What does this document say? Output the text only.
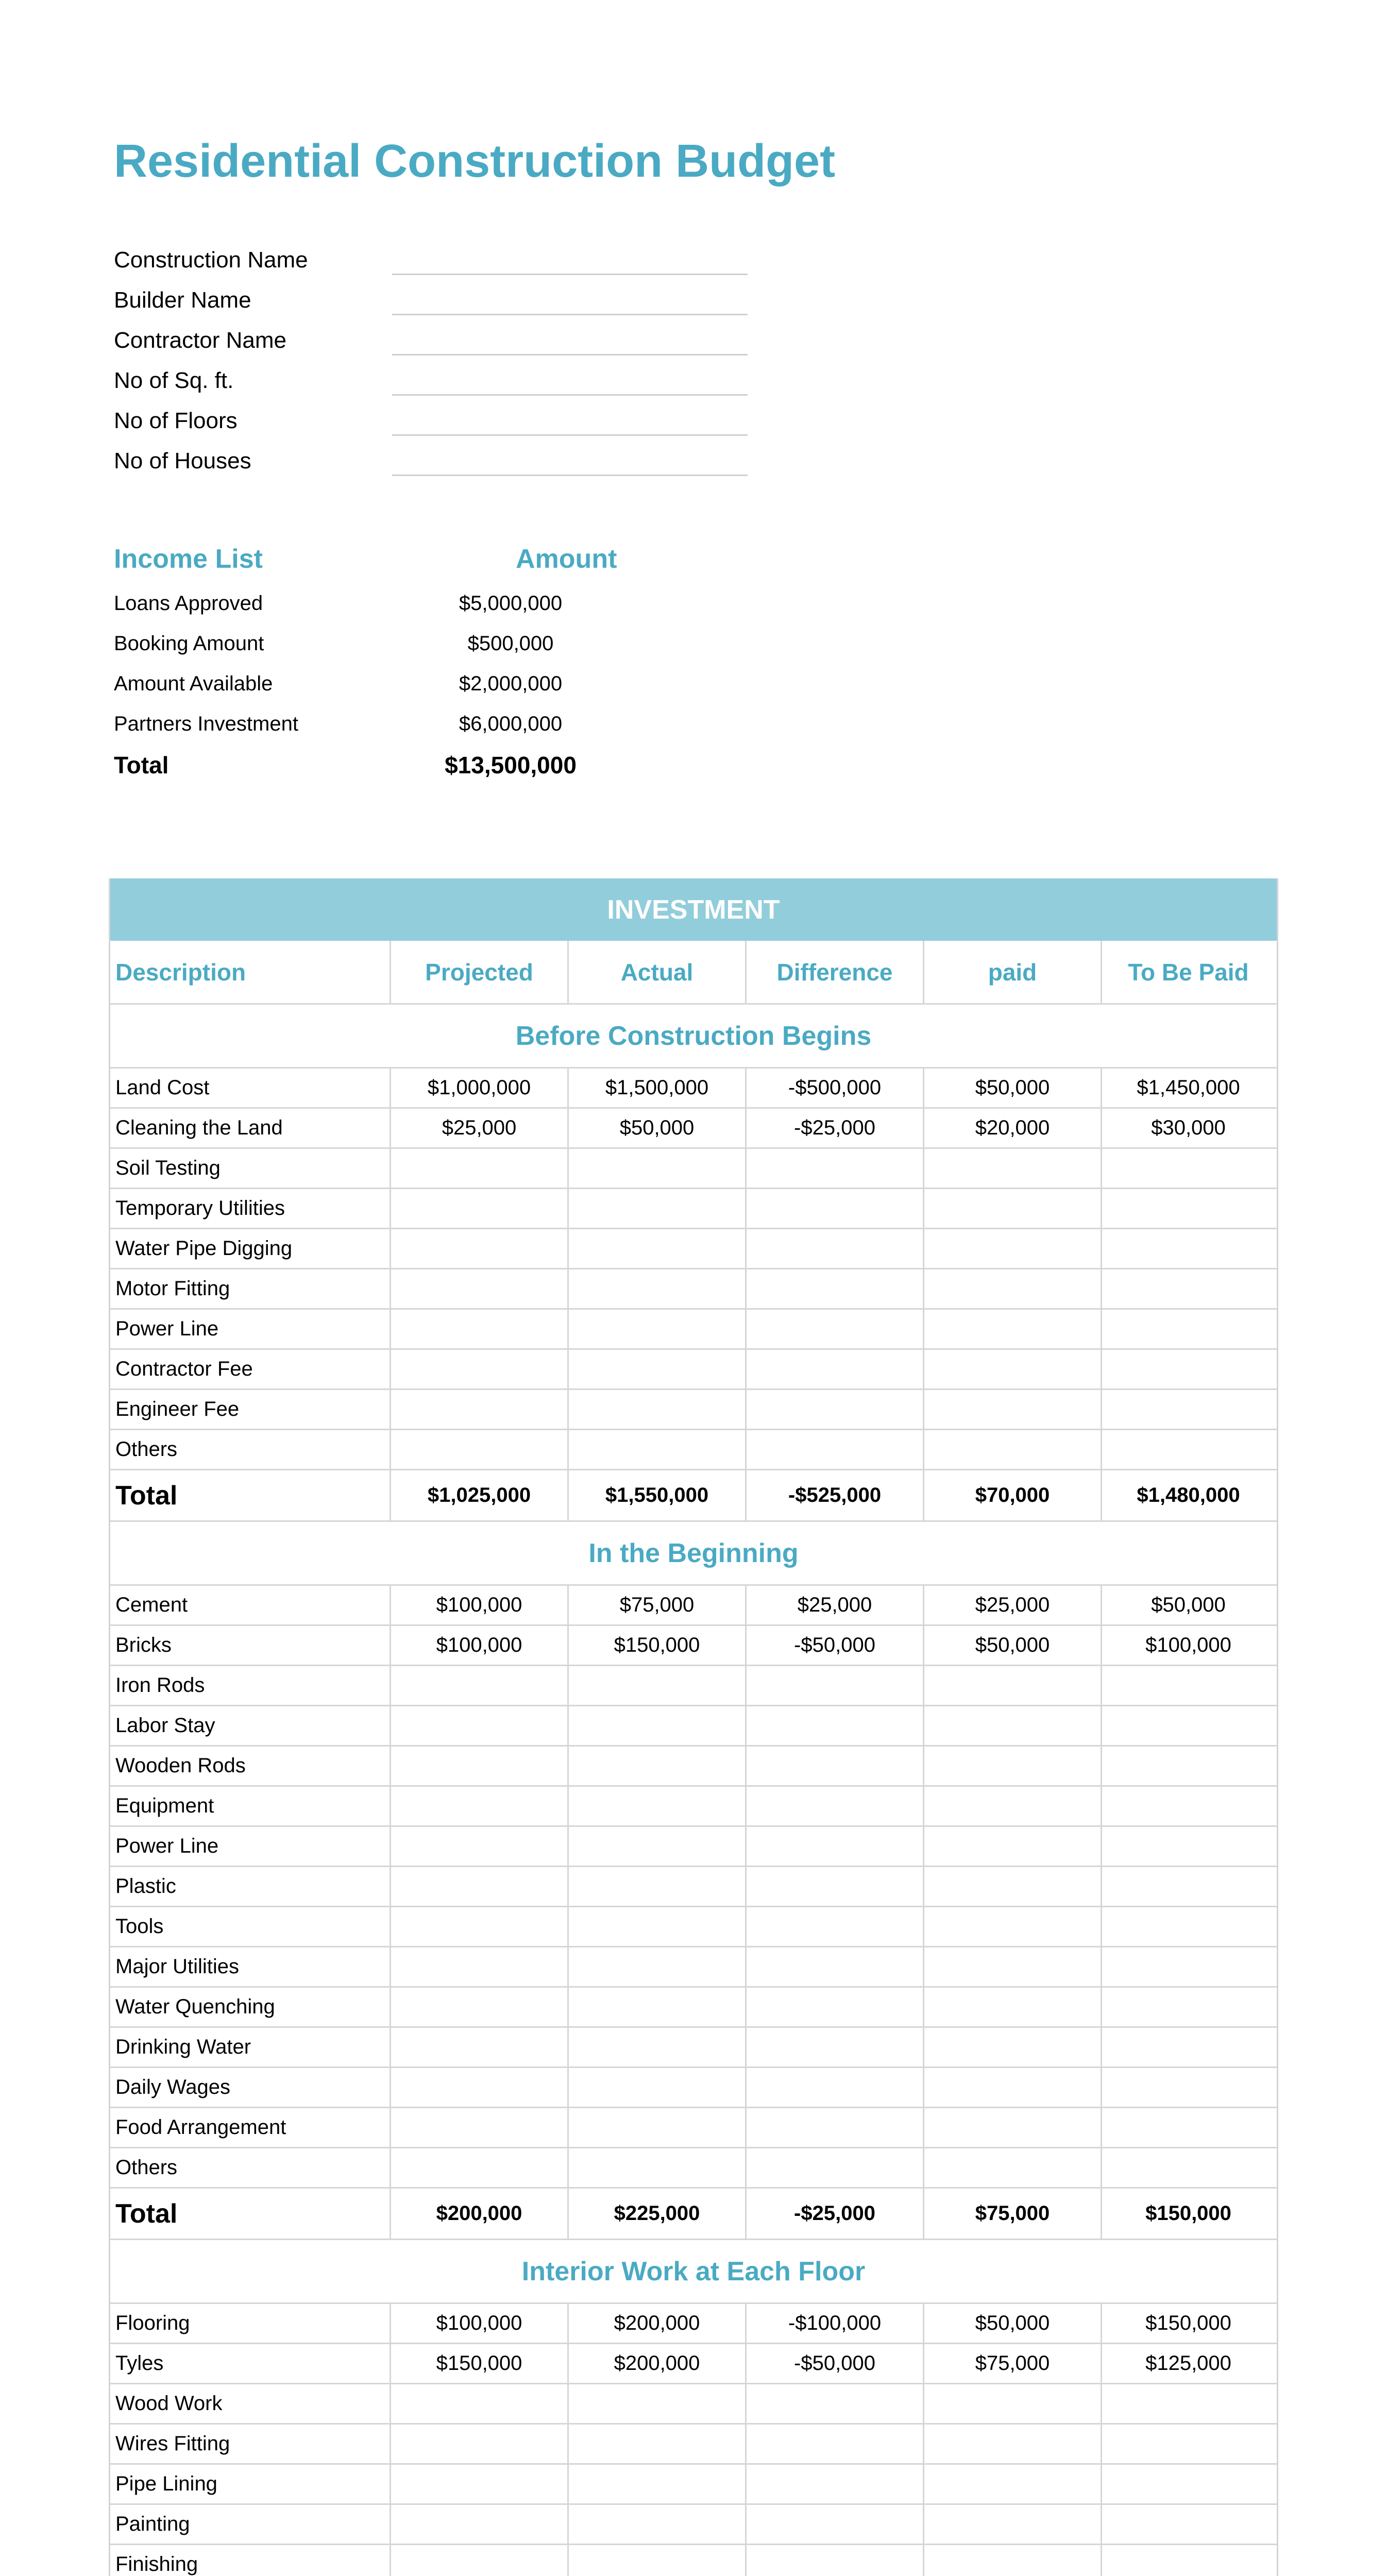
Residential Construction Budget
Construction Name
Builder Name
Contractor Name
No of Sq. ft.
No of Floors
No of Houses
Income List	Amount
Loans Approved	$5,000,000
Booking Amount	$500,000
Amount Available	$2,000,000
Partners Investment	$6,000,000
Total	$13,500,000
INVESTMENT
Description	Projected	Actual	Difference	paid	To Be Paid
Before Construction Begins
Land Cost	$1,000,000	$1,500,000	-$500,000	$50,000	$1,450,000
Cleaning the Land	$25,000	$50,000	-$25,000	$20,000	$30,000
Soil Testing
Temporary Utilities
Water Pipe Digging
Motor Fitting
Power Line
Contractor Fee
Engineer Fee
Others
Total	$1,025,000	$1,550,000	-$525,000	$70,000	$1,480,000
In the Beginning
Cement	$100,000	$75,000	$25,000	$25,000	$50,000
Bricks	$100,000	$150,000	-$50,000	$50,000	$100,000
Iron Rods
Labor Stay
Wooden Rods
Equipment
Power Line
Plastic
Tools
Major Utilities
Water Quenching
Drinking Water
Daily Wages
Food Arrangement
Others
Total	$200,000	$225,000	-$25,000	$75,000	$150,000
Interior Work at Each Floor
Flooring	$100,000	$200,000	-$100,000	$50,000	$150,000
Tyles	$150,000	$200,000	-$50,000	$75,000	$125,000
Wood Work
Wires Fitting
Pipe Lining
Painting
Finishing
